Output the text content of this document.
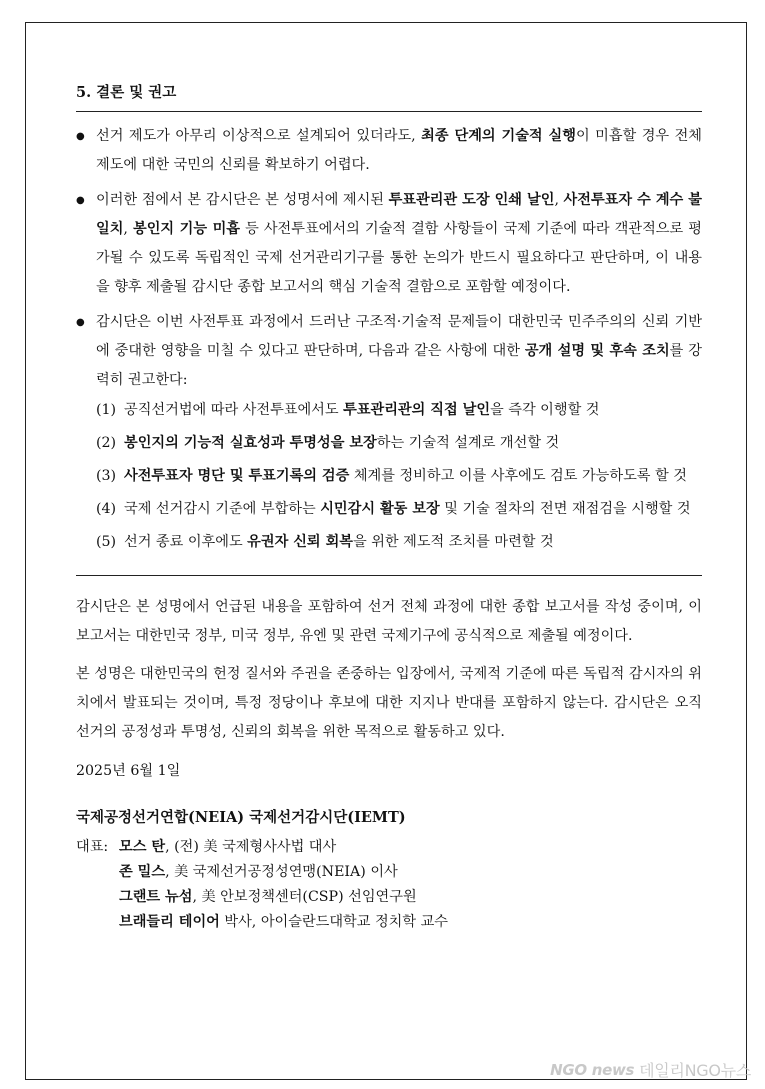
5. 결론 및 권고
● 선거 제도가 아무리 이상적으로 설계되어 있더라도, 최종 단계의 기술적 실행이 미흡할 경우 전체 제도에 대한 국민의 신뢰를 확보하기 어렵다.
● 이러한 점에서 본 감시단은 본 성명서에 제시된 투표관리관 도장 인쇄 날인, 사전투표자 수 계수 불일치, 봉인지 기능 미흡 등 사전투표에서의 기술적 결함 사항들이 국제 기준에 따라 객관적으로 평가될 수 있도록 독립적인 국제 선거관리기구를 통한 논의가 반드시 필요하다고 판단하며, 이 내용을 향후 제출될 감시단 종합 보고서의 핵심 기술적 결함으로 포함할 예정이다.
● 감시단은 이번 사전투표 과정에서 드러난 구조적·기술적 문제들이 대한민국 민주주의의 신뢰 기반에 중대한 영향을 미칠 수 있다고 판단하며, 다음과 같은 사항에 대한 공개 설명 및 후속 조치를 강력히 권고한다:
(1) 공직선거법에 따라 사전투표에서도 투표관리관의 직접 날인을 즉각 이행할 것
(2) 봉인지의 기능적 실효성과 투명성을 보장하는 기술적 설계로 개선할 것
(3) 사전투표자 명단 및 투표기록의 검증 체계를 정비하고 이를 사후에도 검토 가능하도록 할 것
(4) 국제 선거감시 기준에 부합하는 시민감시 활동 보장 및 기술 절차의 전면 재점검을 시행할 것
(5) 선거 종료 이후에도 유권자 신뢰 회복을 위한 제도적 조치를 마련할 것

감시단은 본 성명에서 언급된 내용을 포함하여 선거 전체 과정에 대한 종합 보고서를 작성 중이며, 이 보고서는 대한민국 정부, 미국 정부, 유엔 및 관련 국제기구에 공식적으로 제출될 예정이다.

본 성명은 대한민국의 헌정 질서와 주권을 존중하는 입장에서, 국제적 기준에 따른 독립적 감시자의 위치에서 발표되는 것이며, 특정 정당이나 후보에 대한 지지나 반대를 포함하지 않는다. 감시단은 오직 선거의 공정성과 투명성, 신뢰의 회복을 위한 목적으로 활동하고 있다.

2025년 6월 1일

국제공정선거연합(NEIA) 국제선거감시단(IEMT)
대표: 모스 탄, (전) 美 국제형사사법 대사
존 밀스, 美 국제선거공정성연맹(NEIA) 이사
그랜트 뉴섬, 美 안보정책센터(CSP) 선임연구원
브래들리 테이어 박사, 아이슬란드대학교 정치학 교수
NGO news 데일리NGO뉴스
